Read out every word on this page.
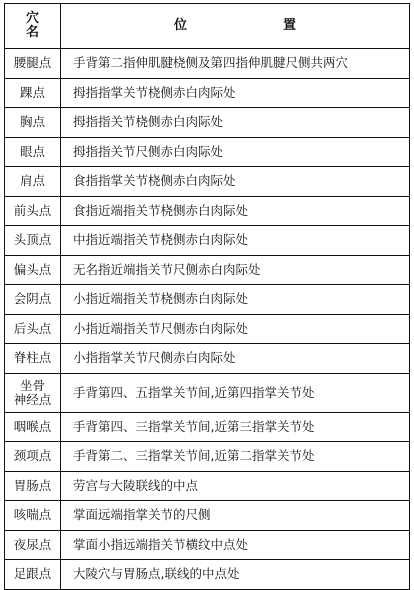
穴
名	位 置
腰腿点	手背第二指伸肌腱桡侧及第四指伸肌腱尺侧共两穴
踝点	拇指指掌关节桡侧赤白肉际处
胸点	拇指指关节桡侧赤白肉际处
眼点	拇指指关节尺侧赤白肉际处
肩点	食指指掌关节桡侧赤白肉际处
前头点	食指近端指关节桡侧赤白肉际处
头顶点	中指近端指关节桡侧赤白肉际处
偏头点	无名指近端指关节尺侧赤白肉际处
会阴点	小指近端指关节桡侧赤白肉际处
后头点	小指近端指关节尺侧赤白肉际处
脊柱点	小指指掌关节尺侧赤白肉际处

坐骨
神经点	手背第四、五指掌关节间,近第四指掌关节处
咽喉点	手背第四、三指掌关节间,近第三指掌关节处
颈项点	手背第二、三指掌关节间,近第二指掌关节处
胃肠点	劳宫与大陵联线的中点
咳喘点	掌面远端指掌关节的尺侧
夜尿点	掌面小指远端指关节横纹中点处
足跟点	大陵穴与胃肠点,联线的中点处
